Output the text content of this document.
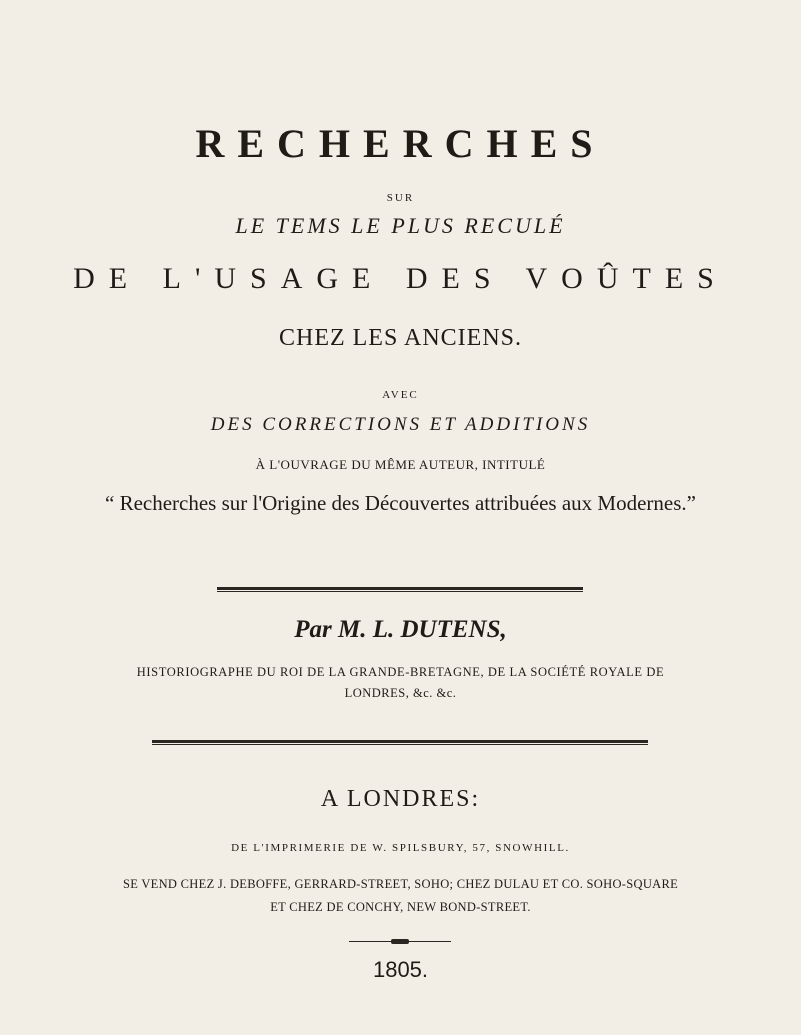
RECHERCHES
SUR
LE TEMS LE PLUS RECULÉ
DE L'USAGE DES VOÛTES
CHEZ LES ANCIENS.
AVEC
DES CORRECTIONS ET ADDITIONS
À L'OUVRAGE DU MÊME AUTEUR, INTITULÉ
“ Recherches sur l'Origine des Découvertes attribuées aux Modernes.”
Par M. L. DUTENS,
HISTORIOGRAPHE DU ROI DE LA GRANDE-BRETAGNE, DE LA SOCIÉTÉ ROYALE DE
LONDRES, &c. &c.
A LONDRES:
DE L'IMPRIMERIE DE W. SPILSBURY, 57, SNOWHILL.
SE VEND CHEZ J. DEBOFFE, GERRARD-STREET, SOHO; CHEZ DULAU ET CO. SOHO-SQUARE
ET CHEZ DE CONCHY, NEW BOND-STREET.
1805.
